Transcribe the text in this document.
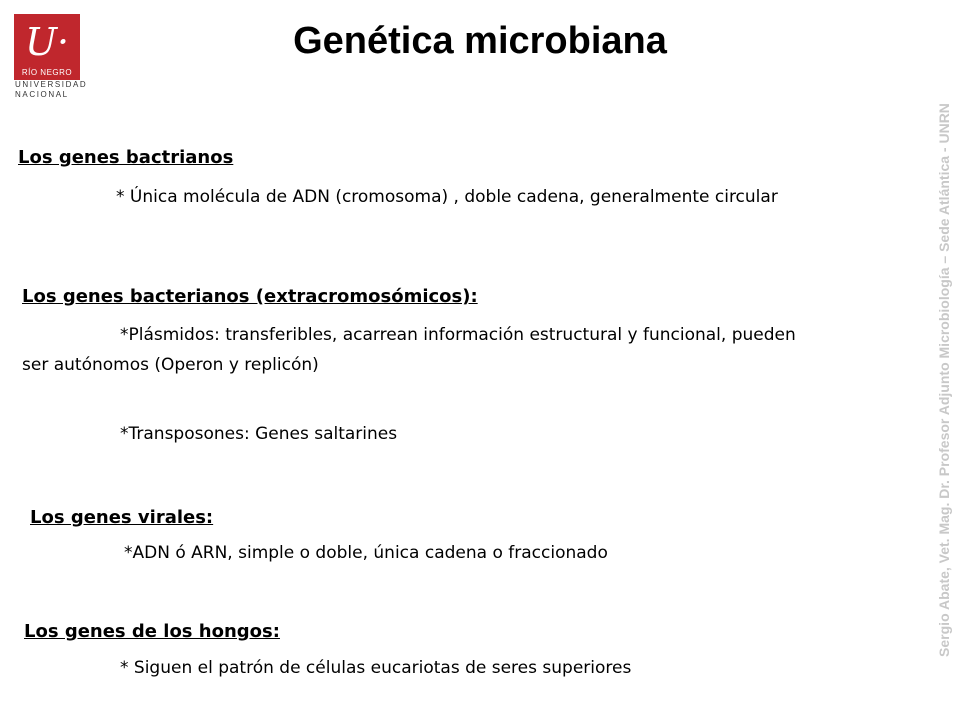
U·
RÍO NEGRO
UNIVERSIDAD
NACIONAL
Genética microbiana
Los genes bactrianos
* Única molécula de ADN (cromosoma) , doble cadena, generalmente circular
Los genes bacterianos (extracromosómicos):
*Plásmidos: transferibles, acarrean información estructural y funcional, pueden
ser autónomos (Operon y replicón)
*Transposones: Genes saltarines
Los genes virales:
*ADN ó ARN, simple o doble, única cadena o fraccionado
Los genes de los hongos:
* Siguen el patrón de células eucariotas de seres superiores
Sergio Abate, Vet. Mag. Dr. Profesor Adjunto Microbiología – Sede Atlántica - UNRN
